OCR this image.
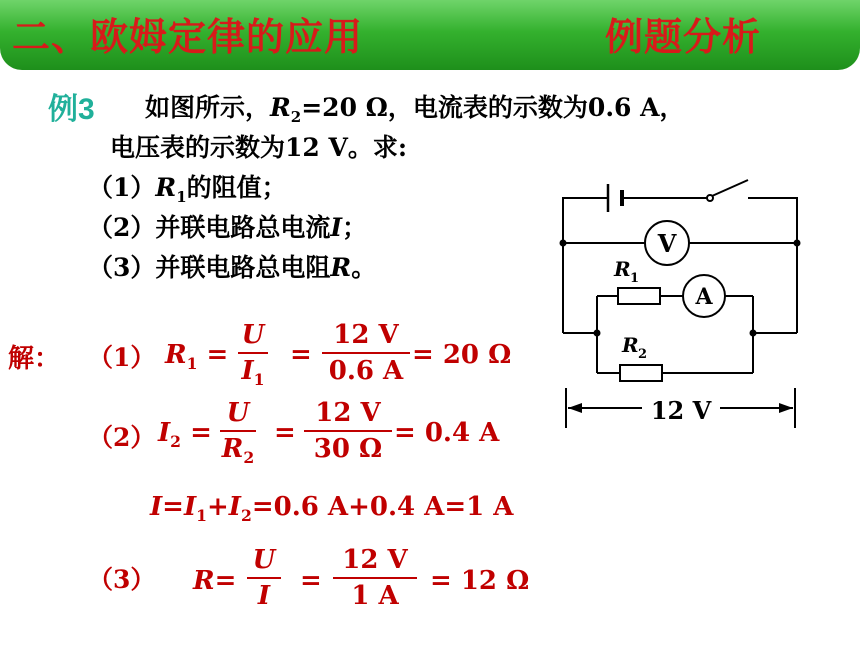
二、欧姆定律的应用	例题分析
例3 如图所示，$R_2=20$ Ω，电流表的示数为0.6 A，
电压表的示数为12 V。求:
$(1)R_1$的阻值；
（2）并联电路总电流I；
（3）并联电路总电阻R。
V
A
R 1
R 2
12 V
解： （1） $R_1$ =
U
$I_1$
=
12 V
0.6 A
= 20 Ω
（2） $I_2$ =
U
$R_2$
=
12 V
30 Ω
= 0.4 A
$I=I_1+I_2=0.6$ A+0.4 A=1 A
（3） R=
U
I =
12 V
1 A = 12 Ω
